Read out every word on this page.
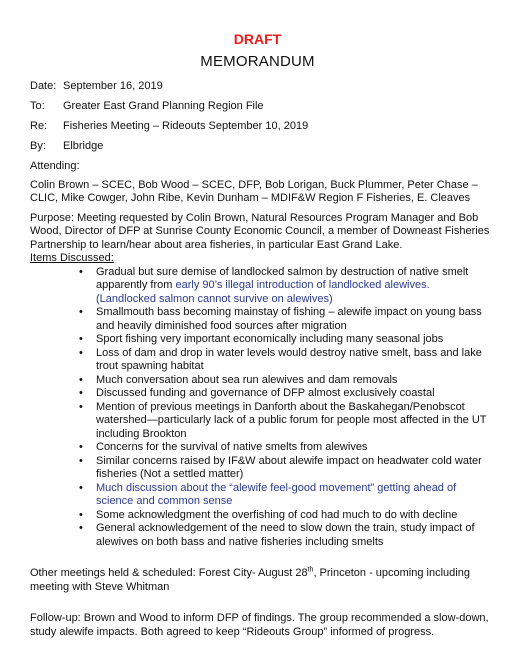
DRAFT
MEMORANDUM
Date: September 16, 2019
To:	Greater East Grand Planning Region File
Re:	Fisheries Meeting – Rideouts September 10, 2019
By:	Elbridge
Attending:
Colin Brown – SCEC, Bob Wood – SCEC, DFP, Bob Lorigan, Buck Plummer, Peter Chase – CLIC, Mike Cowger, John Ribe, Kevin Dunham – MDIF&W Region F Fisheries, E. Cleaves
Purpose: Meeting requested by Colin Brown, Natural Resources Program Manager and Bob Wood, Director of DFP at Sunrise County Economic Council, a member of Downeast Fisheries Partnership to learn/hear about area fisheries, in particular East Grand Lake.
Items Discussed:
• Gradual but sure demise of landlocked salmon by destruction of native smelt apparently from early 90’s illegal introduction of landlocked alewives. (Landlocked salmon cannot survive on alewives)
• Smallmouth bass becoming mainstay of fishing – alewife impact on young bass and heavily diminished food sources after migration
• Sport fishing very important economically including many seasonal jobs
• Loss of dam and drop in water levels would destroy native smelt, bass and lake trout spawning habitat
• Much conversation about sea run alewives and dam removals
• Discussed funding and governance of DFP almost exclusively coastal
• Mention of previous meetings in Danforth about the Baskahegan/Penobscot watershed—particularly lack of a public forum for people most affected in the UT including Brookton
• Concerns for the survival of native smelts from alewives
• Similar concerns raised by IF&W about alewife impact on headwater cold water fisheries (Not a settled matter)
• Much discussion about the “alewife feel-good movement” getting ahead of science and common sense
• Some acknowledgment the overfishing of cod had much to do with decline
• General acknowledgement of the need to slow down the train, study impact of alewives on both bass and native fisheries including smelts
Other meetings held & scheduled: Forest City- August 28th, Princeton - upcoming including meeting with Steve Whitman
Follow-up: Brown and Wood to inform DFP of findings. The group recommended a slow-down, study alewife impacts. Both agreed to keep “Rideouts Group” informed of progress.
